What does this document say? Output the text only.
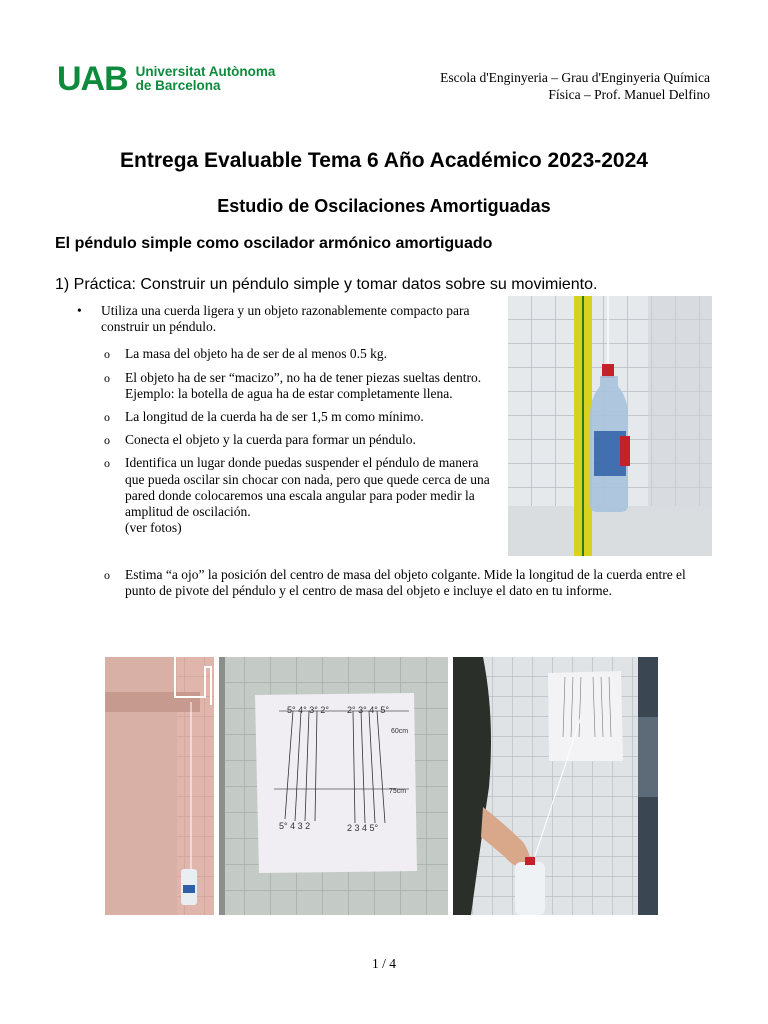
UAB Universitat Autònoma
de Barcelona
Escola d'Enginyeria – Grau d'Enginyeria Química
Física – Prof. Manuel Delfino
Entrega Evaluable Tema 6 Año Académico 2023-2024
Estudio de Oscilaciones Amortiguadas
El péndulo simple como oscilador armónico amortiguado
1) Práctica: Construir un péndulo simple y tomar datos sobre su movimiento.
• Utiliza una cuerda ligera y un objeto razonablemente compacto para construir un péndulo.
o La masa del objeto ha de ser de al menos 0.5 kg.
o El objeto ha de ser “macizo”, no ha de tener piezas sueltas dentro. Ejemplo: la botella de agua ha de estar completamente llena.
o La longitud de la cuerda ha de ser 1,5 m como mínimo.
o Conecta el objeto y la cuerda para formar un péndulo.
o Identifica un lugar donde puedas suspender el péndulo de manera que pueda oscilar sin chocar con nada, pero que quede cerca de una pared donde colocaremos una escala angular para poder medir la amplitud de oscilación.
(ver fotos)
o Estima “a ojo” la posición del centro de masa del objeto colgante. Mide la longitud de la cuerda entre el punto de pivote del péndulo y el centro de masa del objeto e incluye el dato en tu informe.
5° 4° 3° 2° 2° 3° 4° 5°
60cm
75cm
5° 4 3 2	2 3 4 5°
1 / 4
